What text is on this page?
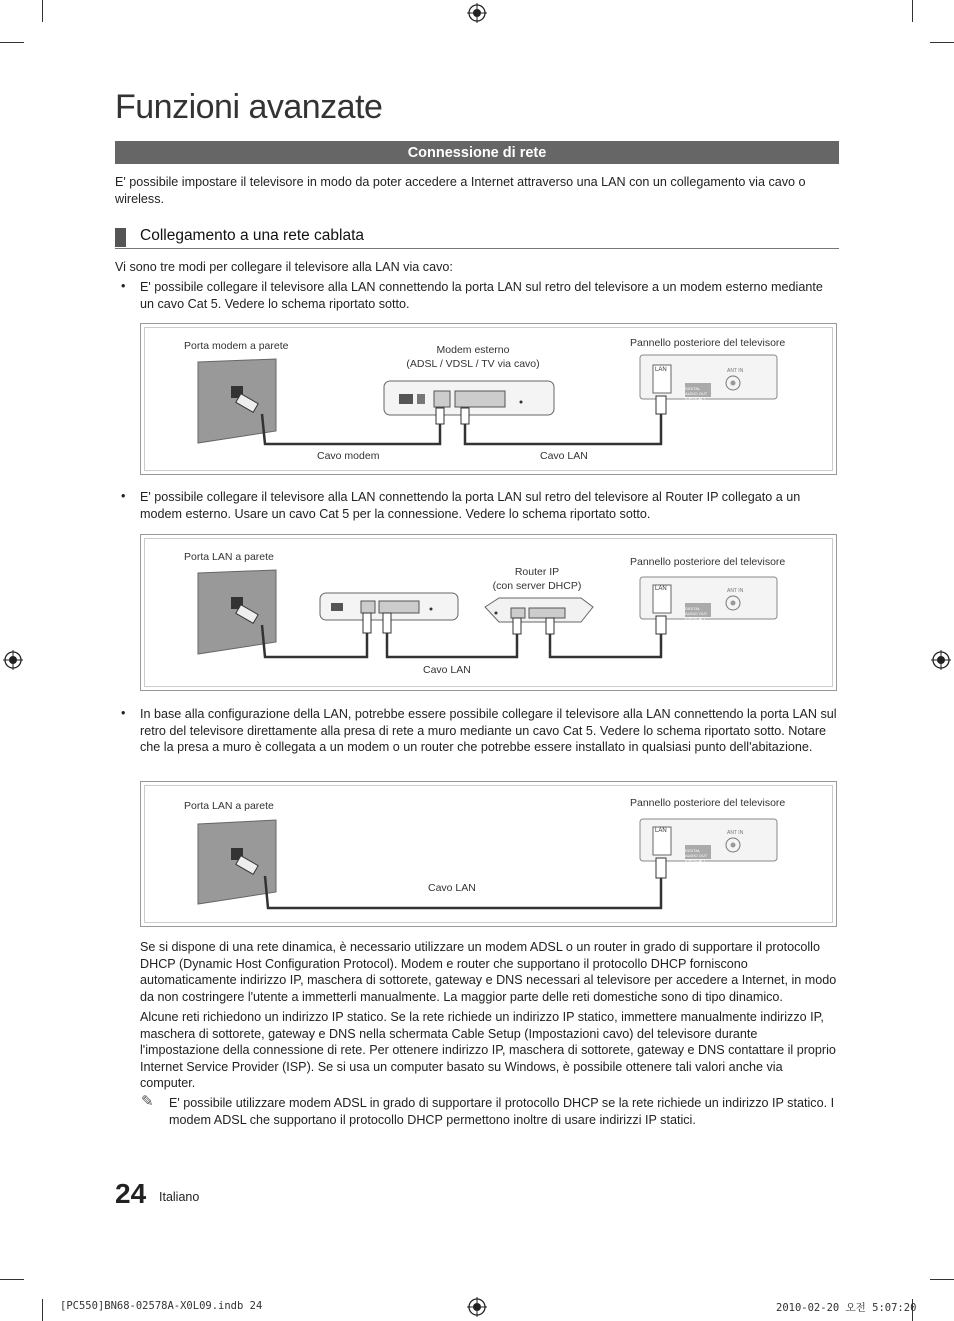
Funzioni avanzate
Connessione di rete
E' possibile impostare il televisore in modo da poter accedere a Internet attraverso una LAN con un collegamento via cavo o wireless.
Collegamento a una rete cablata
Vi sono tre modi per collegare il televisore alla LAN via cavo:
• E' possibile collegare il televisore alla LAN connettendo la porta LAN sul retro del televisore a un modem esterno mediante un cavo Cat 5. Vedere lo schema riportato sotto.
Porta modem a parete	Modem esterno
(ADSL / VDSL / TV via cavo)
Pannello posteriore del televisore
LAN	ANT IN
DIGITAL AUDIO OUT (OPTICAL)
Cavo modem	Cavo LAN
• E' possibile collegare il televisore alla LAN connettendo la porta LAN sul retro del televisore al Router IP collegato a un modem esterno. Usare un cavo Cat 5 per la connessione. Vedere lo schema riportato sotto.
Porta LAN a parete
Router IP
(con server DHCP)
Pannello posteriore del televisore
LAN	ANT IN
DIGITAL AUDIO OUT (OPTICAL)
Cavo LAN
• In base alla configurazione della LAN, potrebbe essere possibile collegare il televisore alla LAN connettendo la porta LAN sul retro del televisore direttamente alla presa di rete a muro mediante un cavo Cat 5. Vedere lo schema riportato sotto. Notare che la presa a muro è collegata a un modem o un router che potrebbe essere installato in qualsiasi punto dell'abitazione.
Porta LAN a parete	Pannello posteriore del televisore
LAN	ANT IN
DIGITAL AUDIO OUT (OPTICAL)
Cavo LAN
Se si dispone di una rete dinamica, è necessario utilizzare un modem ADSL o un router in grado di supportare il protocollo DHCP (Dynamic Host Configuration Protocol). Modem e router che supportano il protocollo DHCP forniscono automaticamente indirizzo IP, maschera di sottorete, gateway e DNS necessari al televisore per accedere a Internet, in modo da non costringere l'utente a immetterli manualmente. La maggior parte delle reti domestiche sono di tipo dinamico.
Alcune reti richiedono un indirizzo IP statico. Se la rete richiede un indirizzo IP statico, immettere manualmente indirizzo IP, maschera di sottorete, gateway e DNS nella schermata Cable Setup (Impostazioni cavo) del televisore durante l'impostazione della connessione di rete. Per ottenere indirizzo IP, maschera di sottorete, gateway e DNS contattare il proprio Internet Service Provider (ISP). Se si usa un computer basato su Windows, è possibile ottenere tali valori anche via computer.
✎ E' possibile utilizzare modem ADSL in grado di supportare il protocollo DHCP se la rete richiede un indirizzo IP statico. I modem ADSL che supportano il protocollo DHCP permettono inoltre di usare indirizzi IP statici.
24 Italiano
[PC550]BN68-02578A-X0L09.indb 24	2010-02-20 오전 5:07:20
